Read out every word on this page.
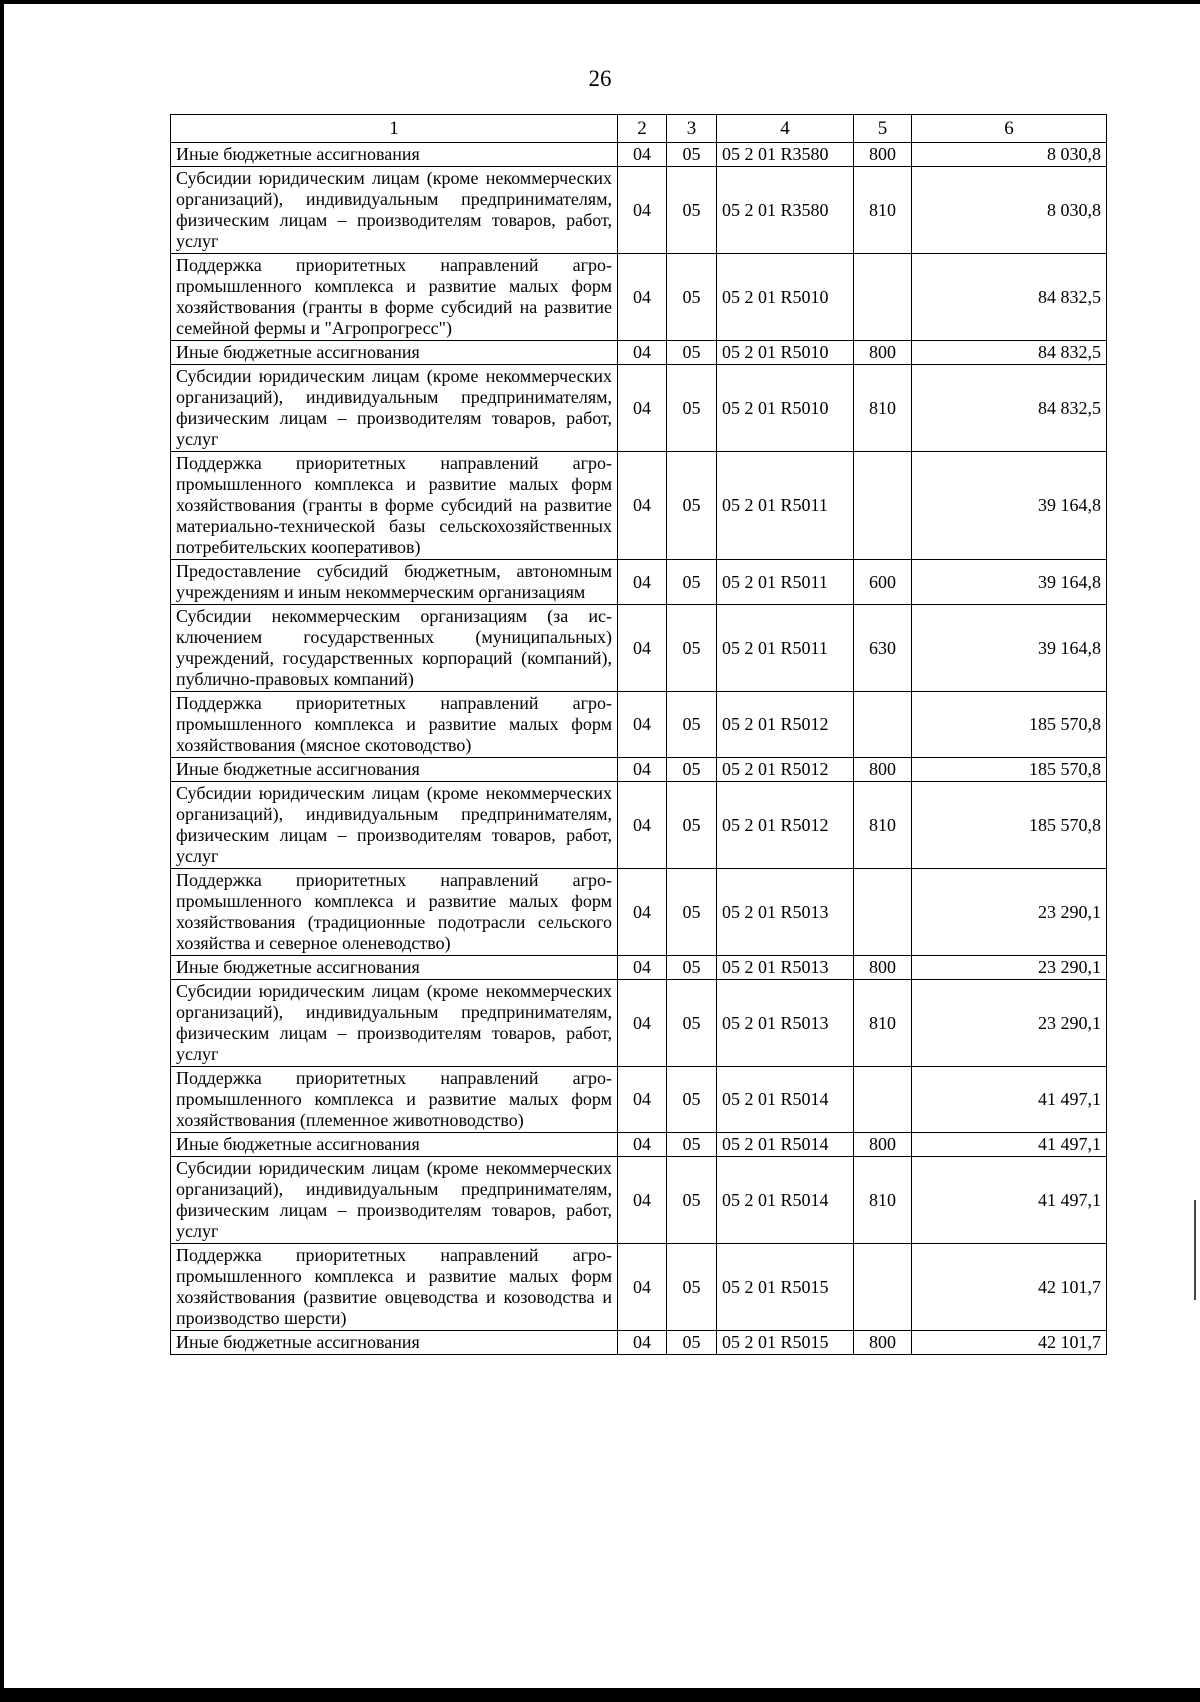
26
1	2	3	4	5	6
Иные бюджетные ассигнования	04	05	05 2 01 R3580	800	8 030,8
Субсидии юридическим лицам (кроме некоммерческих организаций), индивидуальным предпринимателям, физическим лицам – производителям товаров, работ, услуг	04	05	05 2 01 R3580	810	8 030,8
Поддержка приоритетных направлений агропромышленного комплекса и развитие малых форм хозяйствования (гранты в форме субсидий на развитие семейной фермы и "Агропрогресс")	04	05	05 2 01 R5010		84 832,5
Иные бюджетные ассигнования	04	05	05 2 01 R5010	800	84 832,5
Субсидии юридическим лицам (кроме некоммерческих организаций), индивидуальным предпринимателям, физическим лицам – производителям товаров, работ, услуг	04	05	05 2 01 R5010	810	84 832,5
Поддержка приоритетных направлений агропромышленного комплекса и развитие малых форм хозяйствования (гранты в форме субсидий на развитие материально-технической базы сельскохозяйственных потребительских кооперативов)	04	05	05 2 01 R5011		39 164,8
Предоставление субсидий бюджетным, автономным учреждениям и иным некоммерческим организациям	04	05	05 2 01 R5011	600	39 164,8
Субсидии некоммерческим организациям (за исключением государственных (муниципальных) учреждений, государственных корпораций (компаний), публично-правовых компаний)	04	05	05 2 01 R5011	630	39 164,8
Поддержка приоритетных направлений агропромышленного комплекса и развитие малых форм хозяйствования (мясное скотоводство)	04	05	05 2 01 R5012		185 570,8
Иные бюджетные ассигнования	04	05	05 2 01 R5012	800	185 570,8
Субсидии юридическим лицам (кроме некоммерческих организаций), индивидуальным предпринимателям, физическим лицам – производителям товаров, работ, услуг	04	05	05 2 01 R5012	810	185 570,8
Поддержка приоритетных направлений агропромышленного комплекса и развитие малых форм хозяйствования (традиционные подотрасли сельского хозяйства и северное оленеводство)	04	05	05 2 01 R5013		23 290,1
Иные бюджетные ассигнования	04	05	05 2 01 R5013	800	23 290,1
Субсидии юридическим лицам (кроме некоммерческих организаций), индивидуальным предпринимателям, физическим лицам – производителям товаров, работ, услуг	04	05	05 2 01 R5013	810	23 290,1
Поддержка приоритетных направлений агропромышленного комплекса и развитие малых форм хозяйствования (племенное животноводство)	04	05	05 2 01 R5014		41 497,1
Иные бюджетные ассигнования	04	05	05 2 01 R5014	800	41 497,1
Субсидии юридическим лицам (кроме некоммерческих организаций), индивидуальным предпринимателям, физическим лицам – производителям товаров, работ, услуг	04	05	05 2 01 R5014	810	41 497,1
Поддержка приоритетных направлений агропромышленного комплекса и развитие малых форм хозяйствования (развитие овцеводства и козоводства и производство шерсти)	04	05	05 2 01 R5015		42 101,7
Иные бюджетные ассигнования	04	05	05 2 01 R5015	800	42 101,7
